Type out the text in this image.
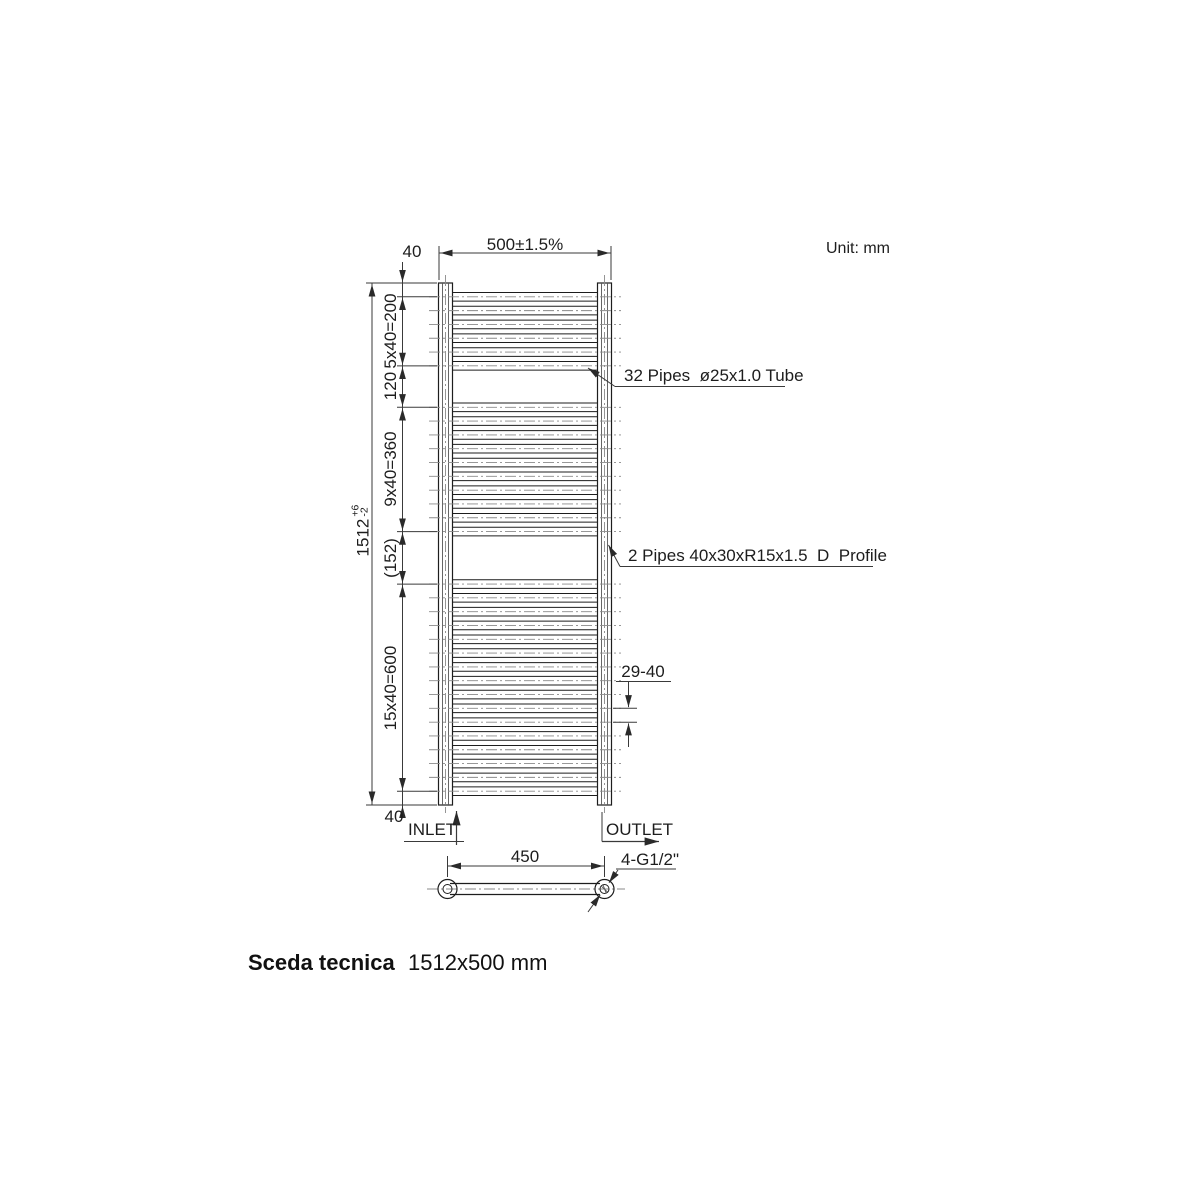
Unit: mm
500±1.5%
40
5x40=200
120
9x40=360
(152)
15x40=600

1512
+6
-2

40
32 Pipes  ø25x1.0 Tube
2 Pipes 40x30xR15x1.5  D  Profile
29-40
INLET	OUTLET
450	4-G1/2"
Sceda tecnica 1512x500 mm
